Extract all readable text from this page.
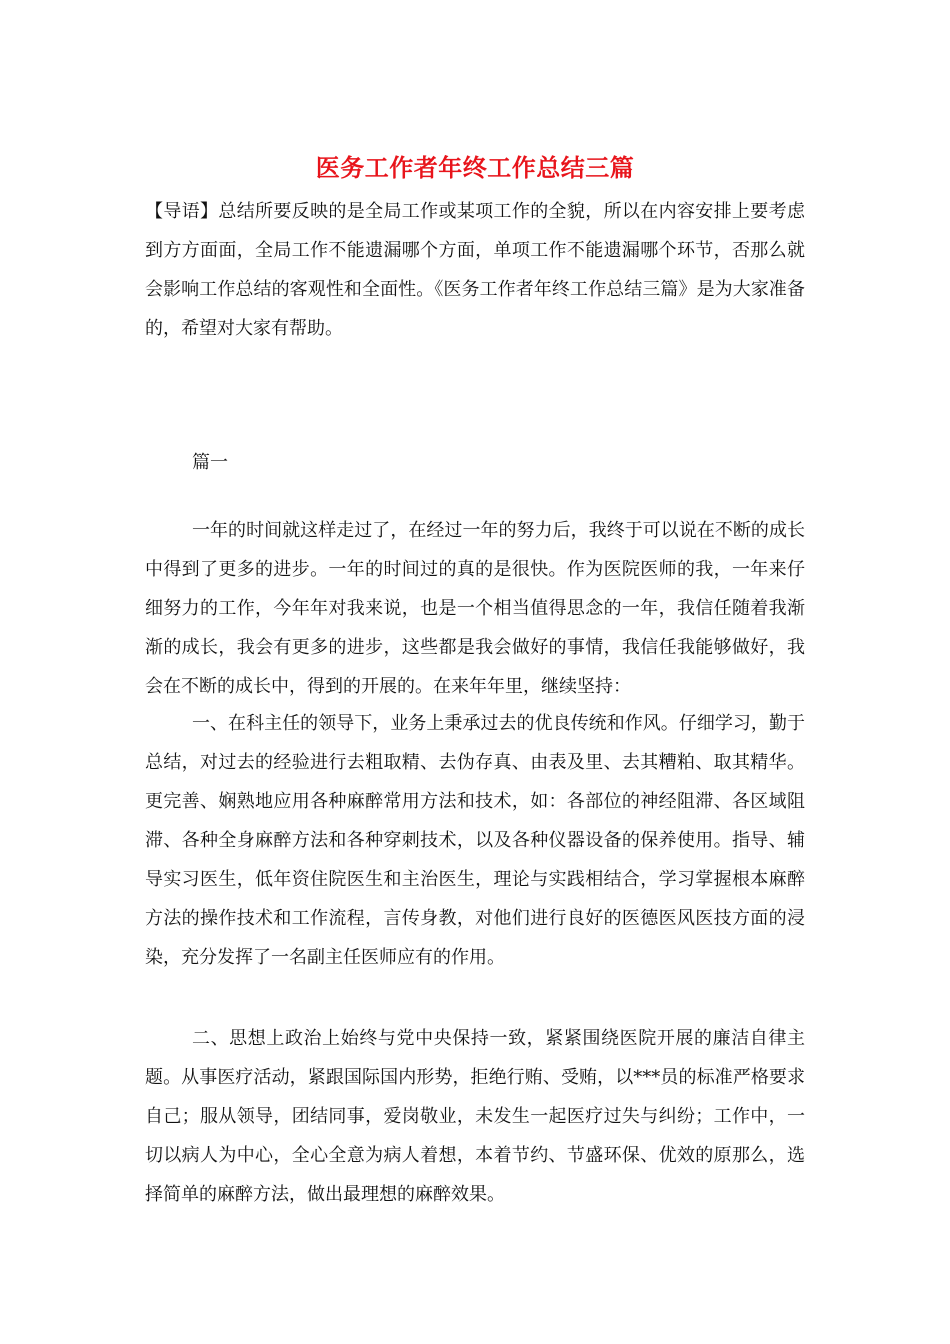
医务工作者年终工作总结三篇
【导语】总结所要反映的是全局工作或某项工作的全貌，所以在内容安排上要考虑到方方面面，全局工作不能遗漏哪个方面，单项工作不能遗漏哪个环节，否那么就会影响工作总结的客观性和全面性。《医务工作者年终工作总结三篇》是为大家准备的，希望对大家有帮助。
篇一
一年的时间就这样走过了，在经过一年的努力后，我终于可以说在不断的成长中得到了更多的进步。一年的时间过的真的是很快。作为医院医师的我，一年来仔细努力的工作，今年年对我来说，也是一个相当值得思念的一年，我信任随着我渐渐的成长，我会有更多的进步，这些都是我会做好的事情，我信任我能够做好，我会在不断的成长中，得到的开展的。在来年年里，继续坚持：
一、在科主任的领导下，业务上秉承过去的优良传统和作风。仔细学习，勤于总结，对过去的经验进行去粗取精、去伪存真、由表及里、去其糟粕、取其精华。更完善、娴熟地应用各种麻醉常用方法和技术，如：各部位的神经阻滞、各区域阻滞、各种全身麻醉方法和各种穿刺技术，以及各种仪器设备的保养使用。指导、辅导实习医生，低年资住院医生和主治医生，理论与实践相结合，学习掌握根本麻醉方法的操作技术和工作流程，言传身教，对他们进行良好的医德医风医技方面的浸染，充分发挥了一名副主任医师应有的作用。
二、思想上政治上始终与党中央保持一致，紧紧围绕医院开展的廉洁自律主题。从事医疗活动，紧跟国际国内形势，拒绝行贿、受贿，以***员的标准严格要求自己；服从领导，团结同事，爱岗敬业，未发生一起医疗过失与纠纷；工作中，一切以病人为中心，全心全意为病人着想，本着节约、节盛环保、优效的原那么，选择简单的麻醉方法，做出最理想的麻醉效果。
